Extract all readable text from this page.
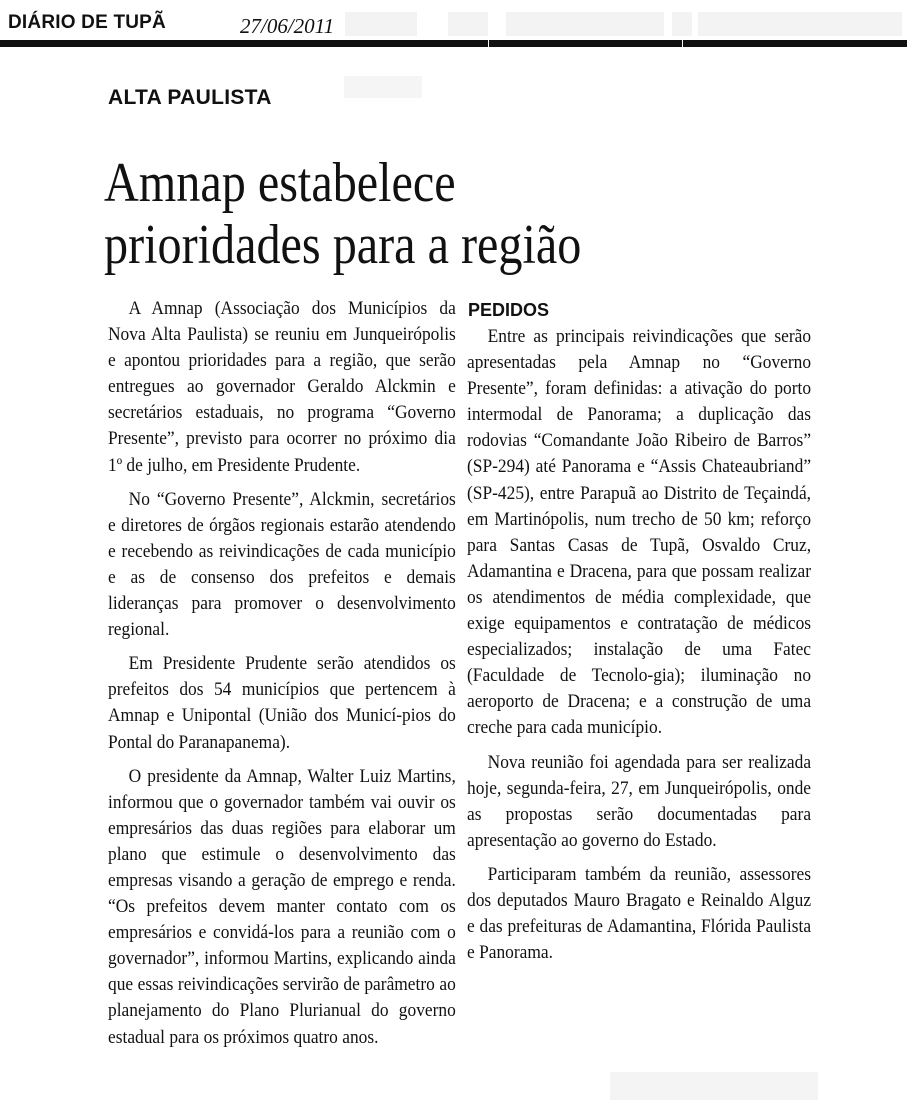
DIÁRIO DE TUPÃ	27/06/2011
ALTA PAULISTA
Amnap estabelece
prioridades para a região

A Amnap (Associação dos Municípios da Nova Alta Paulista) se reuniu em Junqueirópolis e apontou prioridades para a região, que serão entregues ao governador Geraldo Alckmin e secretários estaduais, no programa “Governo Presente”, previsto para ocorrer no próximo dia 1º de julho, em Presidente Prudente.

No “Governo Presente”, Alckmin, secretários e diretores de órgãos regionais estarão atendendo e recebendo as reivindicações de cada município e as de consenso dos prefeitos e demais lideranças para promover o desenvolvimento regional.

Em Presidente Prudente serão atendidos os prefeitos dos 54 municípios que pertencem à Amnap e Unipontal (União dos Municí-pios do Pontal do Paranapanema).

O presidente da Amnap, Walter Luiz Martins, informou que o governador também vai ouvir os empresários das duas regiões para elaborar um plano que estimule o desenvolvimento das empresas visando a geração de emprego e renda. “Os prefeitos devem manter contato com os empresários e convidá-los para a reunião com o governador”, informou Martins, explicando ainda que essas reivindicações servirão de parâmetro ao planejamento do Plano Plurianual do governo estadual para os próximos quatro anos.

PEDIDOS

Entre as principais reivindicações que serão apresentadas pela Amnap no “Governo Presente”, foram definidas: a ativação do porto intermodal de Panorama; a duplicação das rodovias “Comandante João Ribeiro de Barros” (SP-294) até Panorama e “Assis Chateaubriand” (SP-425), entre Parapuã ao Distrito de Teçaindá, em Martinópolis, num trecho de 50 km; reforço para Santas Casas de Tupã, Osvaldo Cruz, Adamantina e Dracena, para que possam realizar os atendimentos de média complexidade, que exige equipamentos e contratação de médicos especializados; instalação de uma Fatec (Faculdade de Tecnolo-gia); iluminação no aeroporto de Dracena; e a construção de uma creche para cada município.

Nova reunião foi agendada para ser realizada hoje, segunda-feira, 27, em Junqueirópolis, onde as propostas serão documentadas para apresentação ao governo do Estado.

Participaram também da reunião, assessores dos deputados Mauro Bragato e Reinaldo Alguz e das prefeituras de Adamantina, Flórida Paulista e Panorama.
